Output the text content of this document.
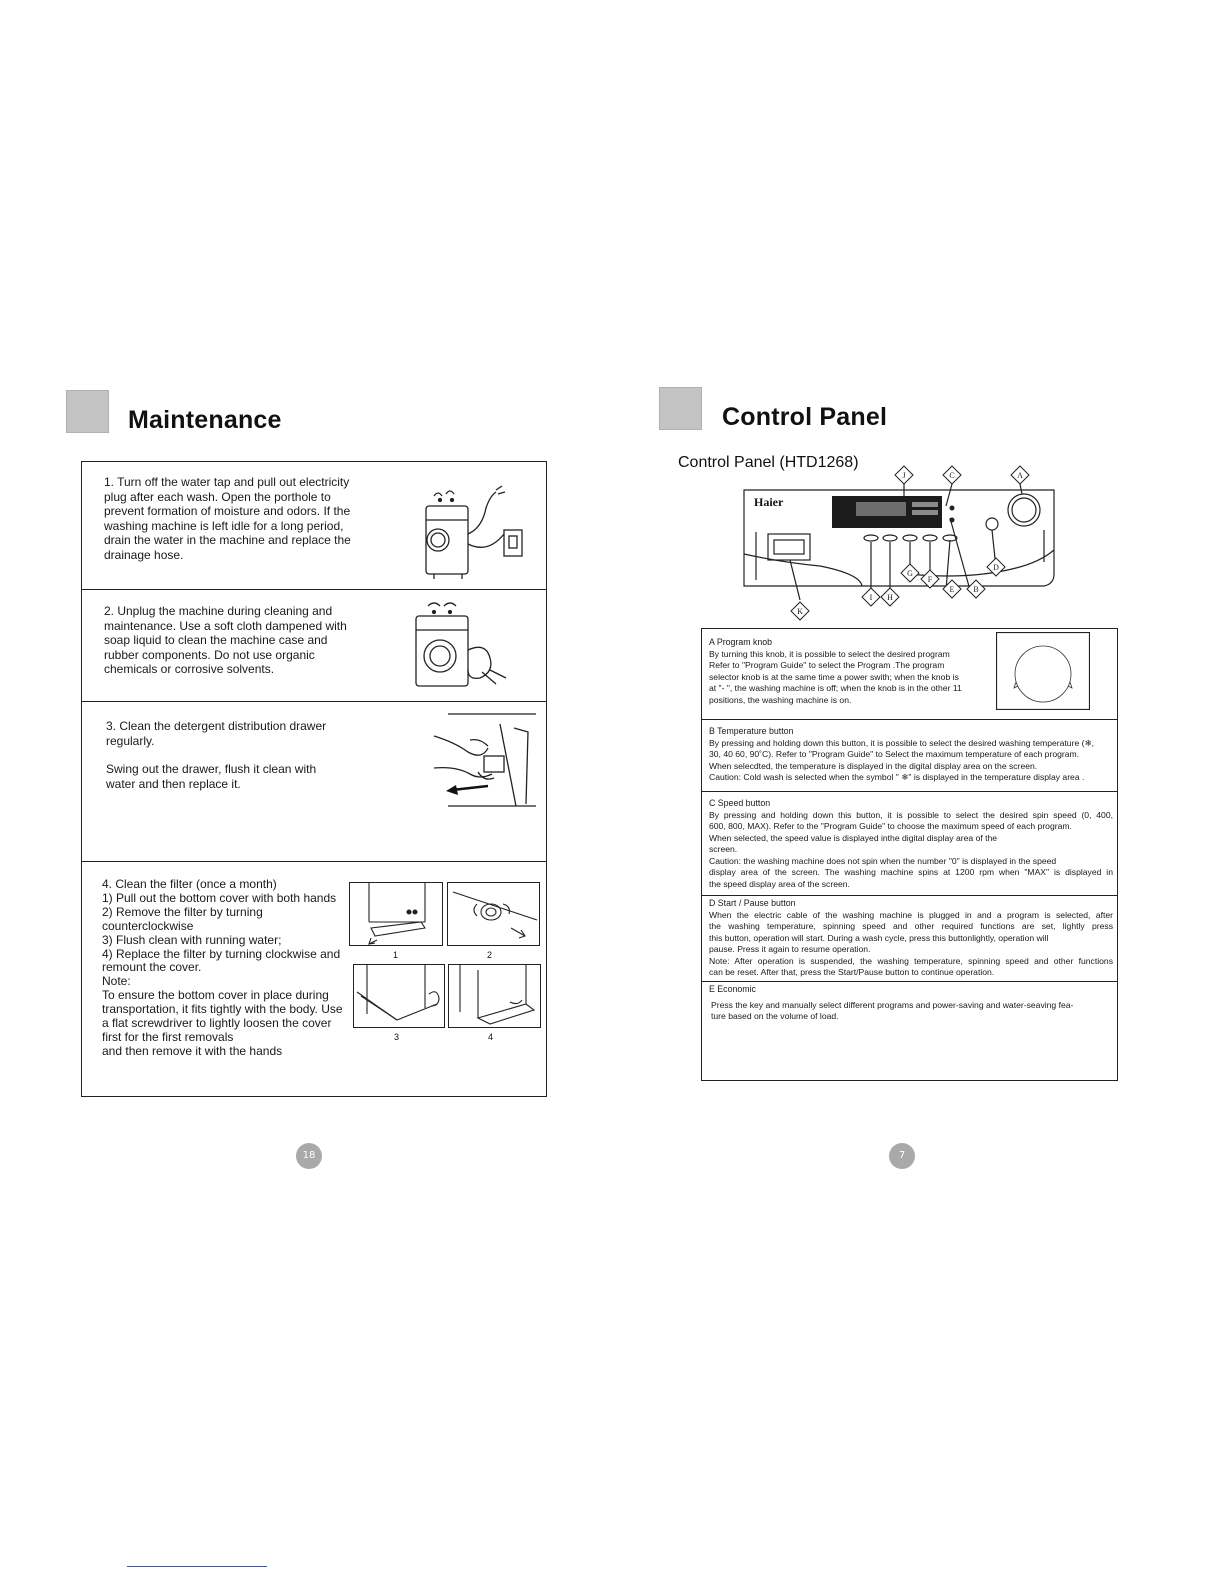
Maintenance
1. Turn off the water tap and pull out electricity
plug after each wash. Open the porthole to
prevent formation of moisture and odors. If the
washing machine is left idle for a long period,
drain the water in the machine and replace the
drainage hose.
2. Unplug the machine during cleaning and
maintenance. Use a soft cloth dampened with
soap liquid to clean the machine case and
rubber components. Do not use organic
chemicals or corrosive solvents.
3. Clean the detergent distribution drawer
regularly.
Swing out the drawer, flush it clean with
water and then replace it.
4. Clean the filter (once a month)
1) Pull out the bottom cover with both hands
2) Remove the filter by turning
counterclockwise
3) Flush clean with running water;
4) Replace the filter by turning clockwise and
remount the cover.
Note:
To ensure the bottom cover in place during
transportation, it fits tightly with the body. Use
a flat screwdriver to lightly loosen the cover
first for the first removals
and then remove it with the hands
1	2
3	4
18
Control Panel
Control Panel (HTD1268)
Haier
J	C	A
B
D
E
F
G
H
I
K
A Program knob
By turning this knob, it is possible to select the desired program
Refer to "Program Guide" to select the Program .The program
selector knob is at the same time a power swith; when the knob is
at "- ", the washing machine is off; when the knob is in the other 11
positions, the washing machine is on.
B Temperature button
By pressing and holding down this button, it is possible to select the desired washing temperature (❄,
30, 40 60, 90˚C). Refer to "Program Guide" to Select the maximum temperature of each program.
When selecdted, the temperature is displayed in the digital display area on the screen.
Caution: Cold wash is selected when the symbol " ❄" is displayed in the temperature display area .
C Speed button
By pressing and holding down this button, it is possible to select the desired spin speed (0, 400,
600, 800, MAX). Refer to the "Program Guide" to choose the maximum speed of each program.
When selected, the speed value is displayed inthe digital display area of the
screen.
Caution: the washing machine does not spin when the number "0" is displayed in the speed
display area of the screen. The washing machine spins at 1200 rpm when "MAX" is displayed in
the speed display area of the screen.
D Start / Pause button
When the electric cable of the washing machine is plugged in and a program is selected, after
the washing temperature, spinning speed and other required functions are set, lightly press
this button, operation will start. During a wash cycle, press this buttonlightly, operation will
pause. Press it again to resume operation.
Note: After operation is suspended, the washing temperature, spinning speed and other functions
can be reset. After that, press the Start/Pause button to continue operation.
E Economic
Press the key and manually select different programs and power-saving and water-seaving fea-
ture based on the volume of load.
7
